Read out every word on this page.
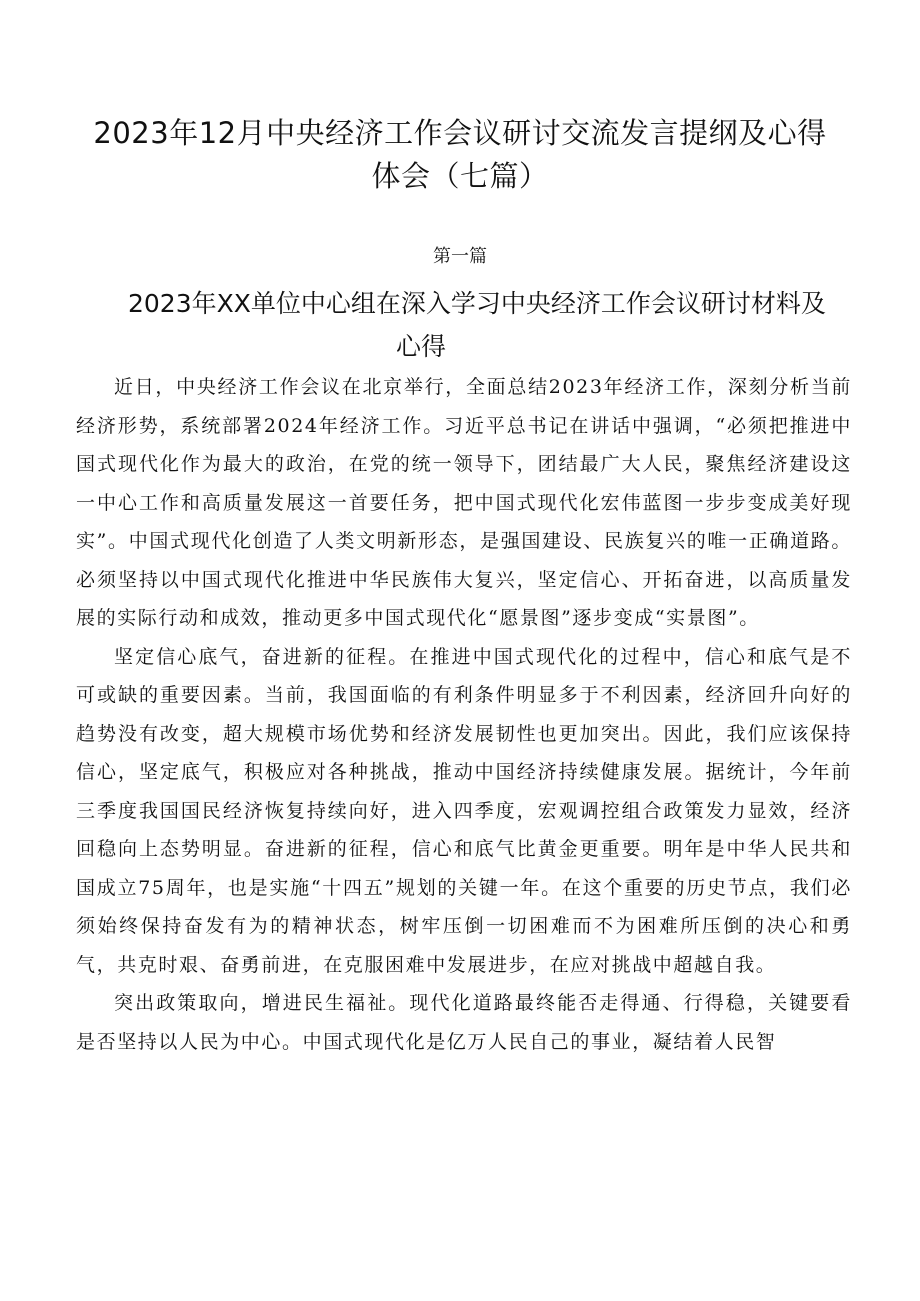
2023年12月中央经济工作会议研讨交流发言提纲及心得体会（七篇）
第一篇
2023年XX单位中心组在深入学习中央经济工作会议研讨材料及
心得

近日，中央经济工作会议在北京举行，全面总结2023年经济工作，深刻分析当前经济形势，系统部署2024年经济工作。习近平总书记在讲话中强调，“必须把推进中国式现代化作为最大的政治，在党的统一领导下，团结最广大人民，聚焦经济建设这一中心工作和高质量发展这一首要任务，把中国式现代化宏伟蓝图一步步变成美好现实”。中国式现代化创造了人类文明新形态，是强国建设、民族复兴的唯一正确道路。必须坚持以中国式现代化推进中华民族伟大复兴，坚定信心、开拓奋进，以高质量发展的实际行动和成效，推动更多中国式现代化“愿景图”逐步变成“实景图”。

坚定信心底气，奋进新的征程。在推进中国式现代化的过程中，信心和底气是不可或缺的重要因素。当前，我国面临的有利条件明显多于不利因素，经济回升向好的趋势没有改变，超大规模市场优势和经济发展韧性也更加突出。因此，我们应该保持信心，坚定底气，积极应对各种挑战，推动中国经济持续健康发展。据统计，今年前三季度我国国民经济恢复持续向好，进入四季度，宏观调控组合政策发力显效，经济回稳向上态势明显。奋进新的征程，信心和底气比黄金更重要。明年是中华人民共和国成立75周年，也是实施“十四五”规划的关键一年。在这个重要的历史节点，我们必须始终保持奋发有为的精神状态，树牢压倒一切困难而不为困难所压倒的决心和勇气，共克时艰、奋勇前进，在克服困难中发展进步，在应对挑战中超越自我。

突出政策取向，增进民生福祉。现代化道路最终能否走得通、行得稳，关键要看是否坚持以人民为中心。中国式现代化是亿万人民自己的事业，凝结着人民智
